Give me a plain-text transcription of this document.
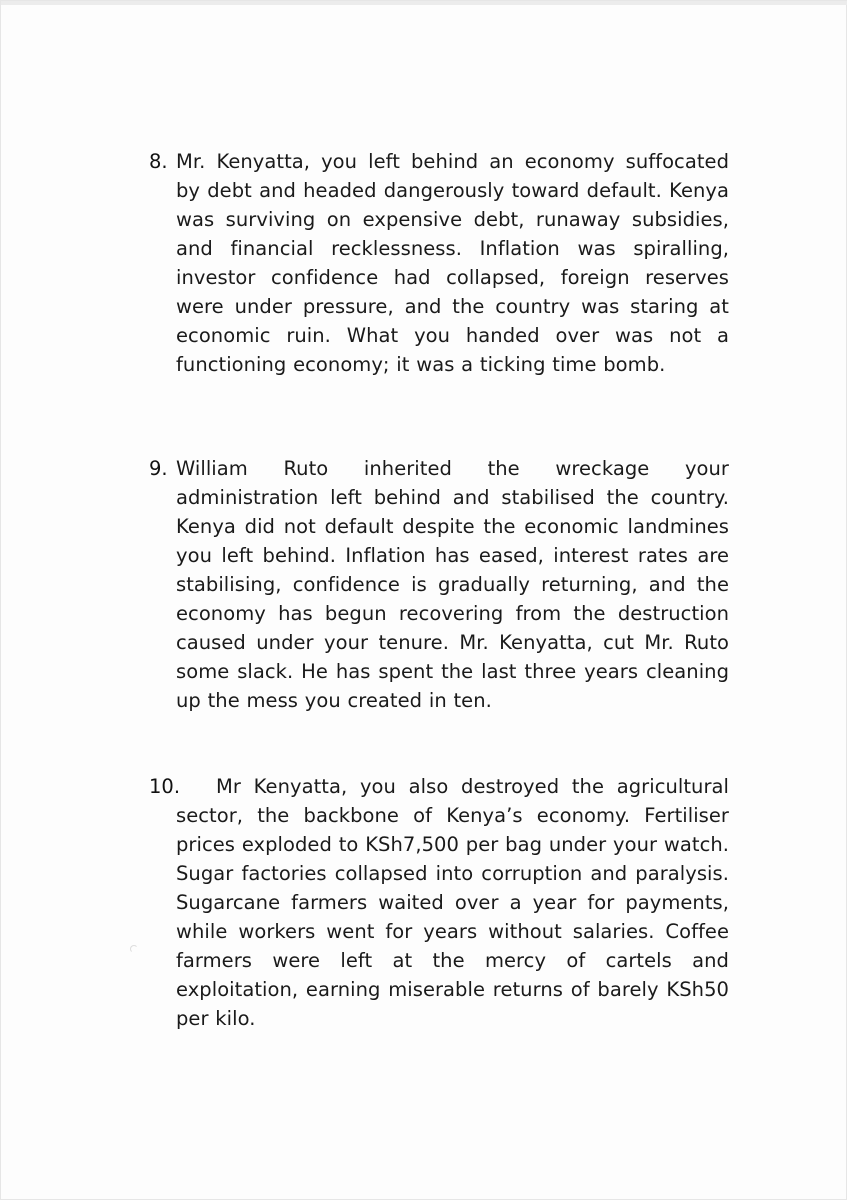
8. Mr. Kenyatta, you left behind an economy suffocated by debt and headed dangerously toward default. Kenya was surviving on expensive debt, runaway subsidies, and financial recklessness. Inflation was spiralling, investor confidence had collapsed, foreign reserves were under pressure, and the country was staring at economic ruin. What you handed over was not a functioning economy; it was a ticking time bomb.
9. William Ruto inherited the wreckage your administration left behind and stabilised the country. Kenya did not default despite the economic landmines you left behind. Inflation has eased, interest rates are stabilising, confidence is gradually returning, and the economy has begun recovering from the destruction caused under your tenure. Mr. Kenyatta, cut Mr. Ruto some slack. He has spent the last three years cleaning up the mess you created in ten.
10.	Mr Kenyatta, you also destroyed the agricultural sector, the backbone of Kenya’s economy. Fertiliser prices exploded to KSh7,500 per bag under your watch. Sugar factories collapsed into corruption and paralysis. Sugarcane farmers waited over a year for payments, while workers went for years without salaries. Coffee farmers were left at the mercy of cartels and exploitation, earning miserable returns of barely KSh50 per kilo.
